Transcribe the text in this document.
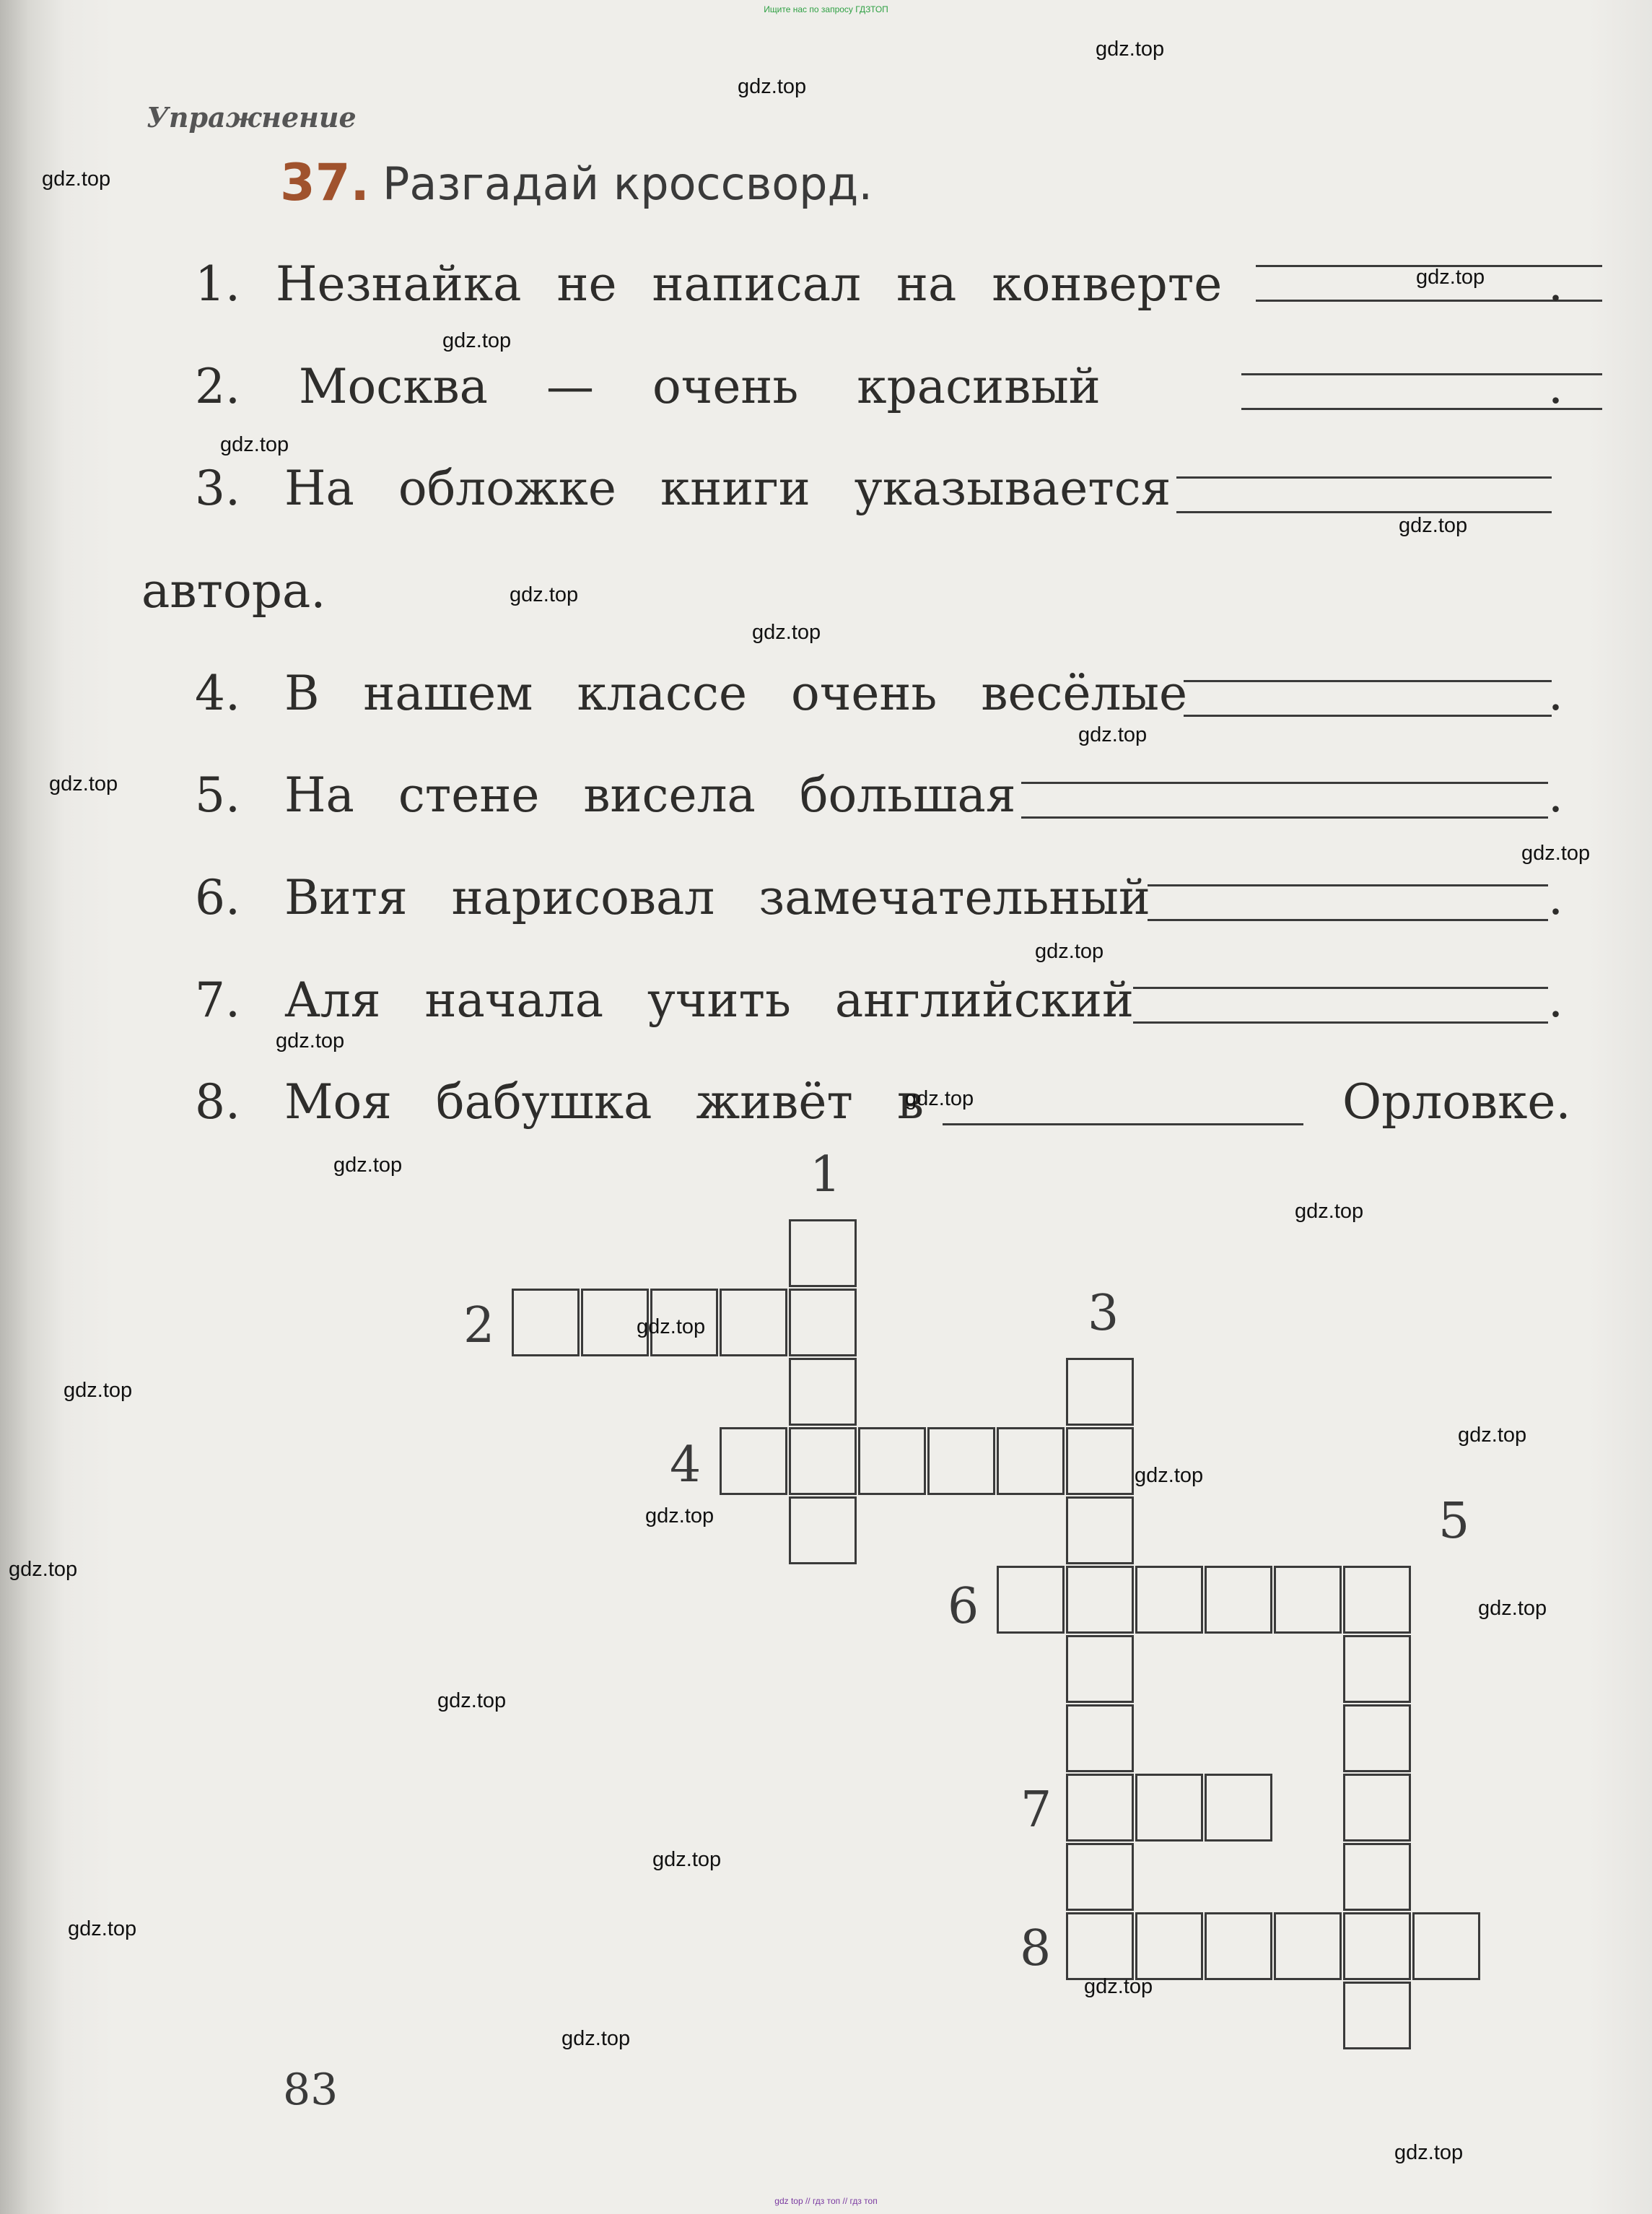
Ищите нас по запросу ГДЗТОП
Упражнение
37. Разгадай кроссворд.
1. Незнайка не написал на конверте	.
2. Москва — очень красивый	.
3. На обложке книги указывается
автора.
4. В нашем классе очень весёлые	.
5. На стене висела большая	.
6. Витя нарисовал замечательный	.
7. Аля начала учить английский	.
8. Моя бабушка живёт в	Орловке.
1
2	3
4
5
6
7
8
83
gdz.top
gdz.top
gdz.top
gdz.top
gdz.top
gdz.top
gdz.top
gdz.top
gdz.top
gdz.top
gdz.top
gdz.top
gdz.top
gdz.top
gdz.top
gdz.top
gdz.top
gdz.top
gdz.top
gdz.top
gdz.top
gdz.top
gdz.top
gdz.top
gdz.top
gdz.top
gdz.top
gdz.top
gdz.top
gdz.top
gdz top // гдз топ // гдз топ
